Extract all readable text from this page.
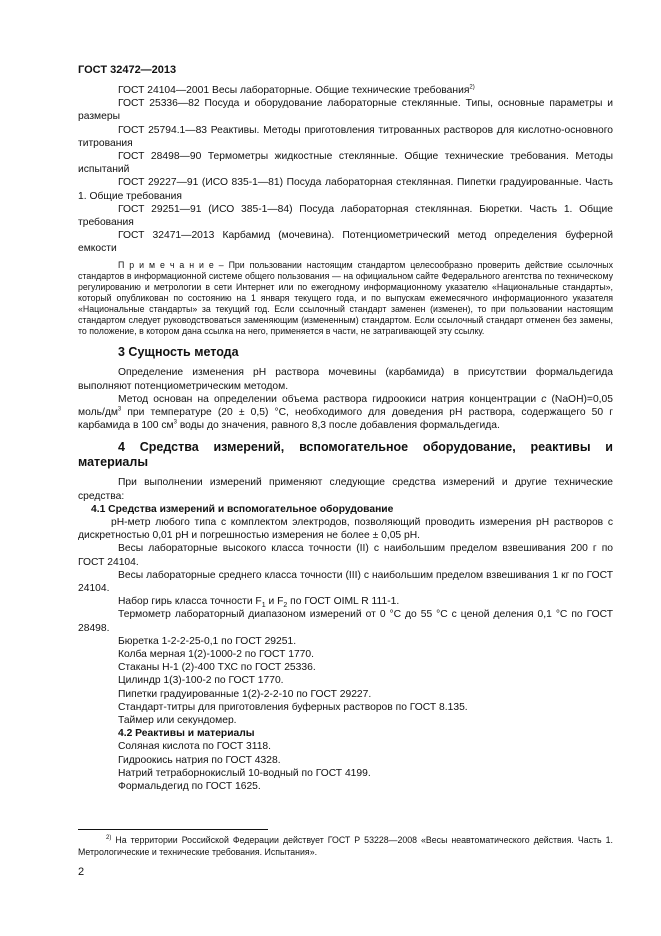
ГОСТ 32472—2013

ГОСТ 24104—2001 Весы лабораторные. Общие технические требования$^{2)}$

ГОСТ 25336—82 Посуда и оборудование лабораторные стеклянные. Типы, основные параметры и размеры

ГОСТ 25794.1—83 Реактивы. Методы приготовления титрованных растворов для кислотно-основного титрования

ГОСТ 28498—90 Термометры жидкостные стеклянные. Общие технические требования. Методы испытаний

ГОСТ 29227—91 (ИСО 835-1—81) Посуда лабораторная стеклянная. Пипетки градуированные. Часть 1. Общие требования

ГОСТ 29251—91 (ИСО 385-1—84) Посуда лабораторная стеклянная. Бюретки. Часть 1. Общие требования

ГОСТ 32471—2013 Карбамид (мочевина). Потенциометрический метод определения буферной емкости

П р и м е ч а н и е – При пользовании настоящим стандартом целесообразно проверить действие ссылочных стандартов в информационной системе общего пользования — на официальном сайте Федерального агентства по техническому регулированию и метрологии в сети Интернет или по ежегодному информационному указателю «Национальные стандарты», который опубликован по состоянию на 1 января текущего года, и по выпускам ежемесячного информационного указателя «Национальные стандарты» за текущий год. Если ссылочный стандарт заменен (изменен), то при пользовании настоящим стандартом следует руководствоваться заменяющим (измененным) стандартом. Если ссылочный стандарт отменен без замены, то положение, в котором дана ссылка на него, применяется в части, не затрагивающей эту ссылку.

3 Сущность метода

Определение изменения рН раствора мочевины (карбамида) в присутствии формальдегида выполняют потенциометрическим методом.

Метод основан на определении объема раствора гидроокиси натрия концентрации с (NaOH)=0,05 моль/$дм^3$ при температуре (20 ± 0,5) °С, необходимого для доведения рН раствора, содержащего 50 г карбамида в 100 $см^3$ воды до значения, равного 8,3 после добавления формальдегида.

4 Средства измерений, вспомогательное оборудование, реактивы и материалы

При выполнении измерений применяют следующие средства измерений и другие технические средства:

4.1 Средства измерений и вспомогательное оборудование

рН-метр любого типа с комплектом электродов, позволяющий проводить измерения рН растворов с дискретностью 0,01 рН и погрешностью измерения не более ± 0,05 рН.

Весы лабораторные высокого класса точности (II) с наибольшим пределом взвешивания 200 г по ГОСТ 24104.

Весы лабораторные среднего класса точности (III) с наибольшим пределом взвешивания 1 кг по ГОСТ 24104.

Набор гирь класса точности $F_1$ и $F_2$ по ГОСТ OIML R 111-1.

Термометр лабораторный диапазоном измерений от 0 °С до 55 °С с ценой деления 0,1 °С по ГОСТ 28498.

Бюретка 1-2-2-25-0,1 по ГОСТ 29251.

Колба мерная 1(2)-1000-2 по ГОСТ 1770.

Стаканы Н-1 (2)-400 ТХС по ГОСТ 25336.

Цилиндр 1(3)-100-2 по ГОСТ 1770.

Пипетки градуированные 1(2)-2-2-10 по ГОСТ 29227.

Стандарт-титры для приготовления буферных растворов по ГОСТ 8.135.

Таймер или секундомер.

4.2 Реактивы и материалы

Соляная кислота по ГОСТ 3118.

Гидроокись натрия по ГОСТ 4328.

Натрий тетраборнокислый 10-водный по ГОСТ 4199.

Формальдегид по ГОСТ 1625.

$^{2)}$ На территории Российской Федерации действует ГОСТ Р 53228—2008 «Весы неавтоматического действия. Часть 1. Метрологические и технические требования. Испытания».
2
